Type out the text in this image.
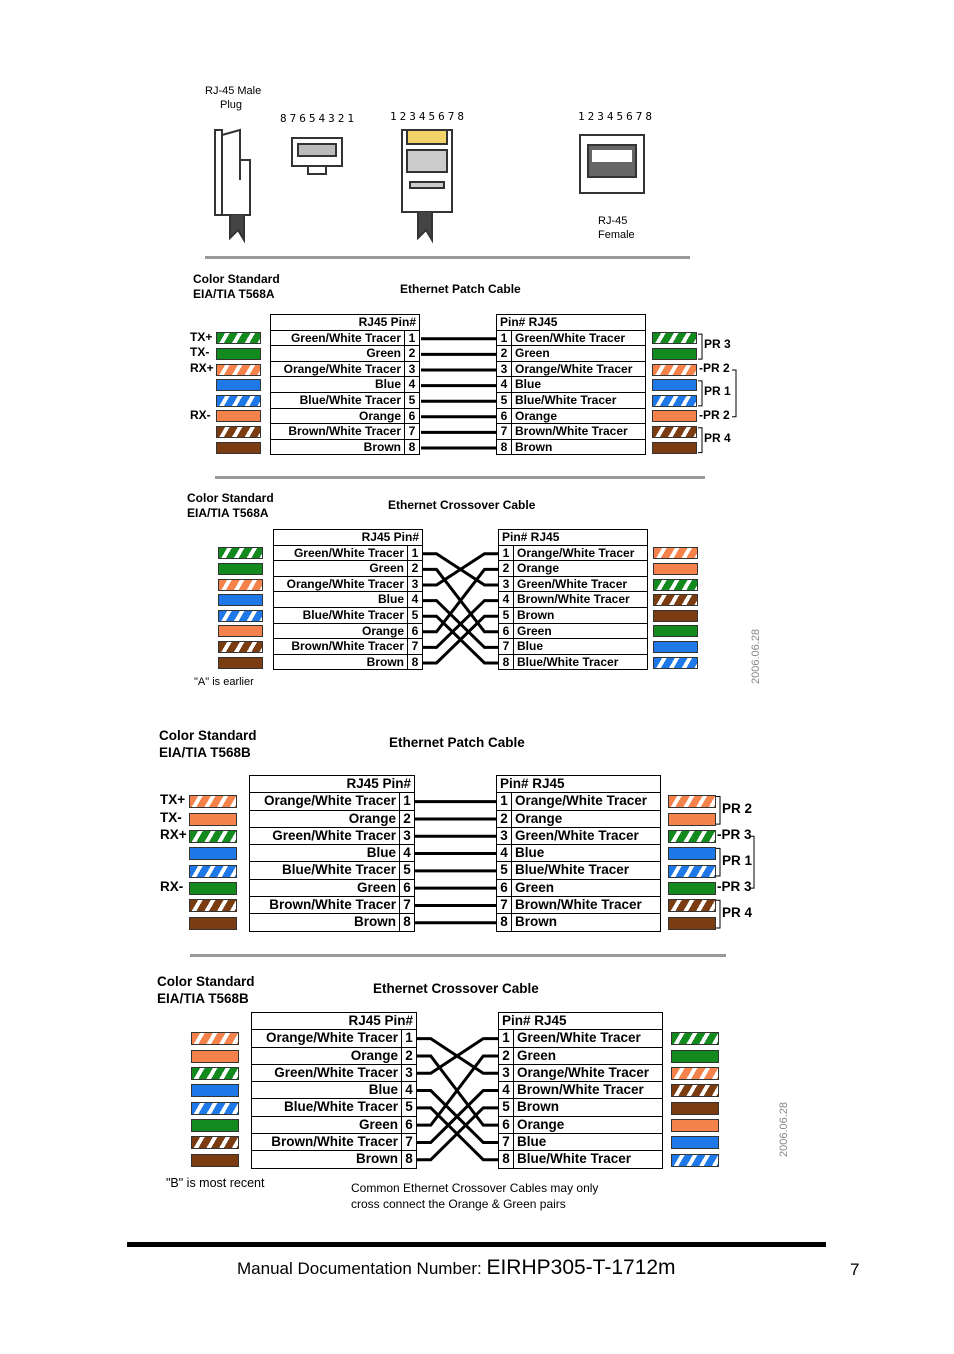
RJ-45 Male
Plug
87654321	12345678	12345678
RJ-45
Female
Color Standard
EIA/TIA T568A	Ethernet Patch Cable
RJ45 Pin#	
Green/White Tracer	1
Green	2
Orange/White Tracer	3
Blue	4
Blue/White Tracer	5
Orange	6
Brown/White Tracer	7
Brown	8
Pin# RJ45	
1	Green/White Tracer
2	Green
3	Orange/White Tracer
4	Blue
5	Blue/White Tracer
6	Orange
7	Brown/White Tracer
8	Brown
TX+
TX-
RX+
RX-
PR 3
-PR 2
PR 1
-PR 2
PR 4
Color Standard
EIA/TIA T568A
Ethernet Crossover Cable
RJ45 Pin#	
Green/White Tracer	1
Green	2
Orange/White Tracer	3
Blue	4
Blue/White Tracer	5
Orange	6
Brown/White Tracer	7
Brown	8
Pin# RJ45	
1	Orange/White Tracer
2	Orange
3	Green/White Tracer
4	Brown/White Tracer
5	Brown
6	Green
7	Blue
8	Blue/White Tracer
"A" is earlier	2006.06.28
Color Standard
EIA/TIA T568B
Ethernet Patch Cable
RJ45 Pin#	
Orange/White Tracer	1
Orange	2
Green/White Tracer	3
Blue	4
Blue/White Tracer	5
Green	6
Brown/White Tracer	7
Brown	8
Pin# RJ45	
1	Orange/White Tracer
2	Orange
3	Green/White Tracer
4	Blue
5	Blue/White Tracer
6	Green
7	Brown/White Tracer
8	Brown
TX+
TX-
RX+
RX-
PR 2
-PR 3
PR 1
-PR 3
PR 4
Color Standard
EIA/TIA T568B
Ethernet Crossover Cable
RJ45 Pin#	
Orange/White Tracer	1
Orange	2
Green/White Tracer	3
Blue	4
Blue/White Tracer	5
Green	6
Brown/White Tracer	7
Brown	8
Pin# RJ45	
1	Green/White Tracer
2	Green
3	Orange/White Tracer
4	Brown/White Tracer
5	Brown
6	Orange
7	Blue
8	Blue/White Tracer
"B" is most recent
2006.06.28
Common Ethernet Crossover Cables may only
cross connect the Orange & Green pairs
Manual Documentation Number: EIRHP305-T-1712m	7
